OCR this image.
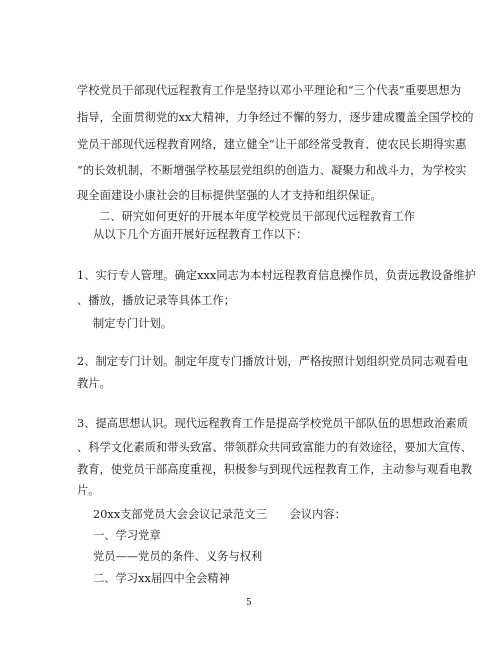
学校党员干部现代远程教育工作是坚持以邓小平理论和“三个代表”重要思想为
指导，全面贯彻党的xx大精神，力争经过不懈的努力，逐步建成覆盖全国学校的
党员干部现代远程教育网络，建立健全“让干部经常受教育、使农民长期得实惠
”的长效机制，不断增强学校基层党组织的创造力、凝聚力和战斗力，为学校实
现全面建设小康社会的目标提供坚强的人才支持和组织保证。
二、研究如何更好的开展本年度学校党员干部现代远程教育工作
从以下几个方面开展好远程教育工作以下：
1、实行专人管理。确定xxx同志为本村远程教育信息操作员，负责远教设备维护
、播放，播放记录等具体工作；
制定专门计划。
2、制定专门计划。制定年度专门播放计划，严格按照计划组织党员同志观看电
教片。
3、提高思想认识。现代远程教育工作是提高学校党员干部队伍的思想政治素质
、科学文化素质和带头致富、带领群众共同致富能力的有效途径，要加大宣传、
教育，使党员干部高度重视，积极参与到现代远程教育工作，主动参与观看电教
片。
20xx支部党员大会会议记录范文三　　会议内容：
一、学习党章
党员——党员的条件、义务与权利
二、学习xx届四中全会精神
5
